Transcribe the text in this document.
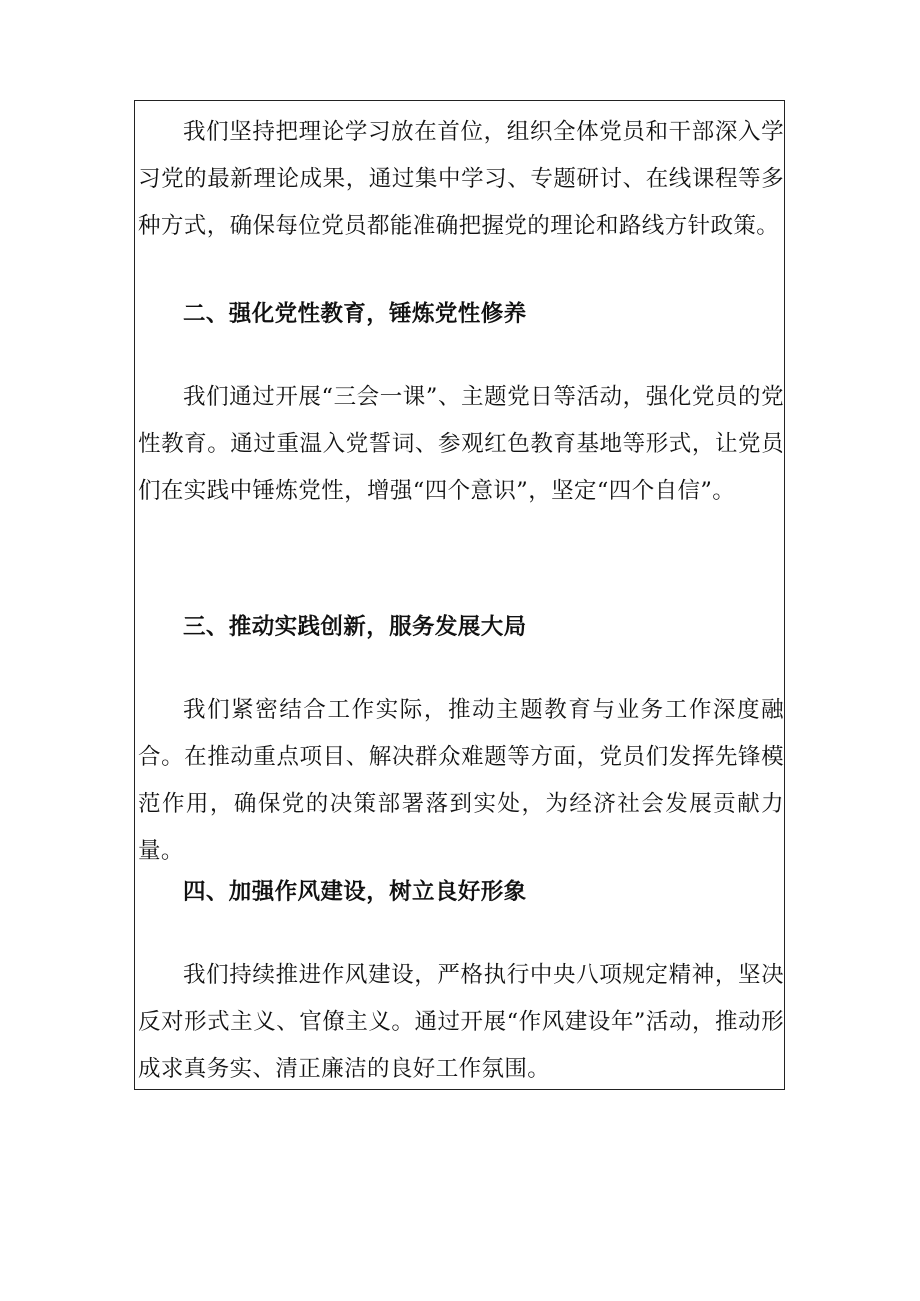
我们坚持把理论学习放在首位，组织全体党员和干部深入学习党的最新理论成果，通过集中学习、专题研讨、在线课程等多种方式，确保每位党员都能准确把握党的理论和路线方针政策。

二、强化党性教育，锤炼党性修养

我们通过开展“三会一课”、主题党日等活动，强化党员的党性教育。通过重温入党誓词、参观红色教育基地等形式，让党员们在实践中锤炼党性，增强“四个意识”，坚定“四个自信”。

三、推动实践创新，服务发展大局

我们紧密结合工作实际，推动主题教育与业务工作深度融合。在推动重点项目、解决群众难题等方面，党员们发挥先锋模范作用，确保党的决策部署落到实处，为经济社会发展贡献力量。

四、加强作风建设，树立良好形象

我们持续推进作风建设，严格执行中央八项规定精神，坚决反对形式主义、官僚主义。通过开展“作风建设年”活动，推动形成求真务实、清正廉洁的良好工作氛围。
